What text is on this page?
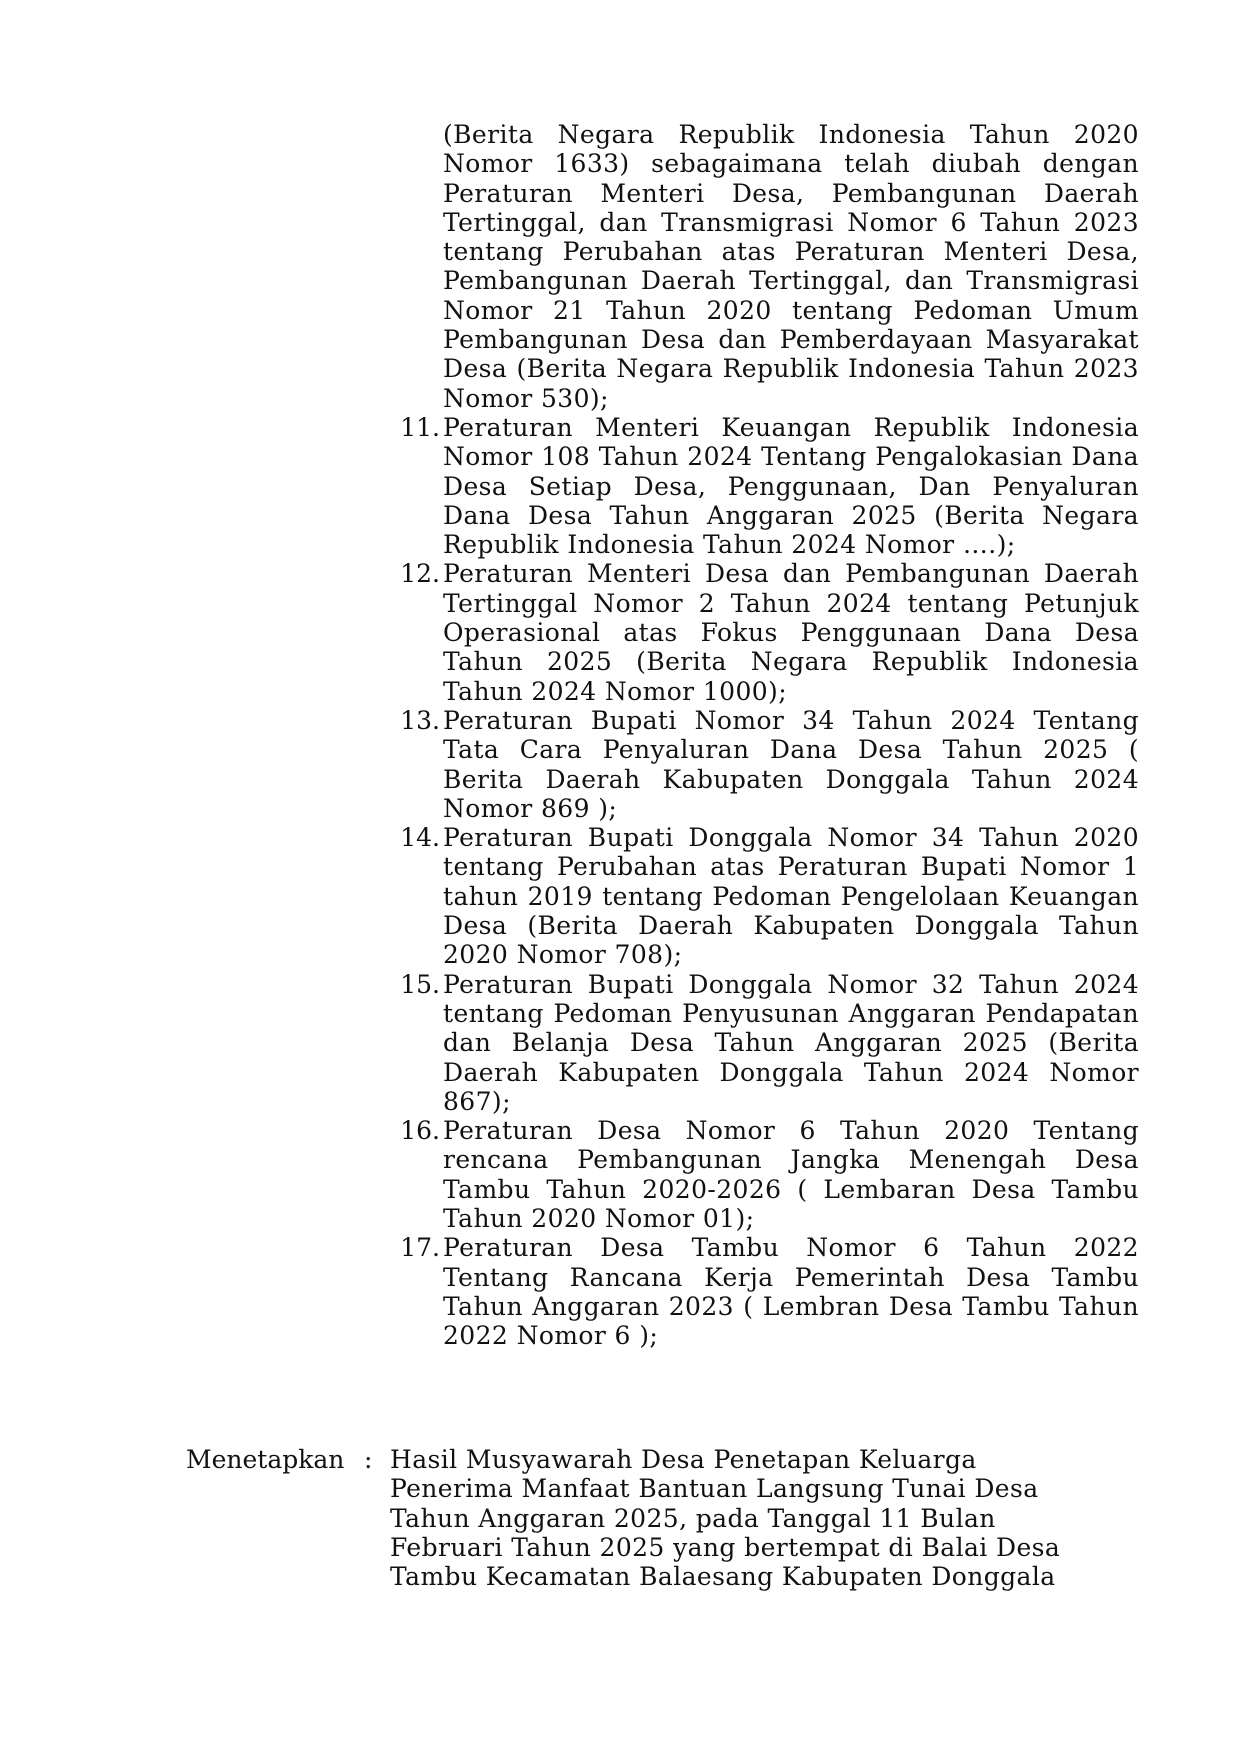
(Berita Negara Republik Indonesia Tahun 2020 Nomor 1633) sebagaimana telah diubah dengan Peraturan Menteri Desa, Pembangunan Daerah Tertinggal, dan Transmigrasi Nomor 6 Tahun 2023 tentang Perubahan atas Peraturan Menteri Desa, Pembangunan Daerah Tertinggal, dan Transmigrasi Nomor 21 Tahun 2020 tentang Pedoman Umum Pembangunan Desa dan Pemberdayaan Masyarakat Desa (Berita Negara Republik Indonesia Tahun 2023 Nomor 530);
11. Peraturan Menteri Keuangan Republik Indonesia Nomor 108 Tahun 2024 Tentang Pengalokasian Dana Desa Setiap Desa, Penggunaan, Dan Penyaluran Dana Desa Tahun Anggaran 2025 (Berita Negara Republik Indonesia Tahun 2024 Nomor ….);
12. Peraturan Menteri Desa dan Pembangunan Daerah Tertinggal Nomor 2 Tahun 2024 tentang Petunjuk Operasional atas Fokus Penggunaan Dana Desa Tahun 2025 (Berita Negara Republik Indonesia Tahun 2024 Nomor 1000);
13. Peraturan Bupati Nomor 34 Tahun 2024 Tentang Tata Cara Penyaluran Dana Desa Tahun 2025 ( Berita Daerah Kabupaten Donggala Tahun 2024 Nomor 869 );
14. Peraturan Bupati Donggala Nomor 34 Tahun 2020 tentang Perubahan atas Peraturan Bupati Nomor 1 tahun 2019 tentang Pedoman Pengelolaan Keuangan Desa (Berita Daerah Kabupaten Donggala Tahun 2020 Nomor 708);
15. Peraturan Bupati Donggala Nomor 32 Tahun 2024 tentang Pedoman Penyusunan Anggaran Pendapatan dan Belanja Desa Tahun Anggaran 2025 (Berita Daerah Kabupaten Donggala Tahun 2024 Nomor 867);
16. Peraturan Desa Nomor 6 Tahun 2020 Tentang rencana Pembangunan Jangka Menengah Desa Tambu Tahun 2020-2026 ( Lembaran Desa Tambu Tahun 2020 Nomor 01);
17. Peraturan Desa Tambu Nomor 6 Tahun 2022 Tentang Rancana Kerja Pemerintah Desa Tambu Tahun Anggaran 2023 ( Lembran Desa Tambu Tahun 2022 Nomor 6 );
Menetapkan : Hasil Musyawarah Desa Penetapan Keluarga
Penerima Manfaat Bantuan Langsung Tunai Desa
Tahun Anggaran 2025, pada Tanggal 11 Bulan
Februari Tahun 2025 yang bertempat di Balai Desa
Tambu Kecamatan Balaesang Kabupaten Donggala
